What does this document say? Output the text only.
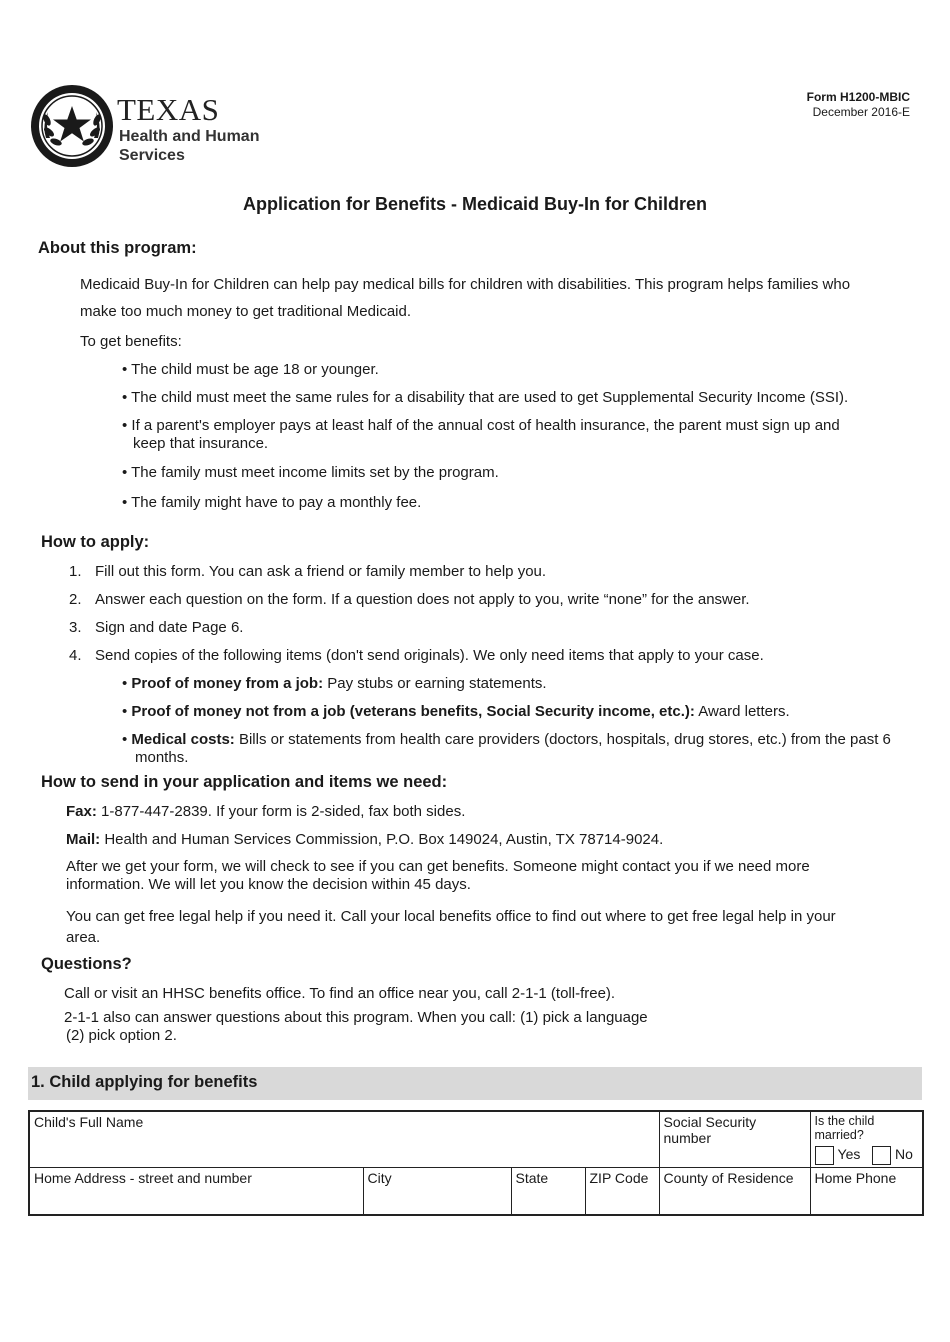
TEXAS
Health and Human
Services
Form H1200-MBIC
December 2016-E
Application for Benefits - Medicaid Buy-In for Children
About this program:
Medicaid Buy-In for Children can help pay medical bills for children with disabilities. This program helps families who
make too much money to get traditional Medicaid.
To get benefits:
• The child must be age 18 or younger.
• The child must meet the same rules for a disability that are used to get Supplemental Security Income (SSI).
• If a parent's employer pays at least half of the annual cost of health insurance, the parent must sign up and
keep that insurance.
• The family must meet income limits set by the program.
• The family might have to pay a monthly fee.
How to apply:
1. Fill out this form. You can ask a friend or family member to help you.
2. Answer each question on the form. If a question does not apply to you, write “none” for the answer.
3. Sign and date Page 6.
4. Send copies of the following items (don't send originals). We only need items that apply to your case.
• Proof of money from a job: Pay stubs or earning statements.
• Proof of money not from a job (veterans benefits, Social Security income, etc.): Award letters.
• Medical costs: Bills or statements from health care providers (doctors, hospitals, drug stores, etc.) from the past 6
months.
How to send in your application and items we need:
Fax: 1-877-447-2839. If your form is 2-sided, fax both sides.
Mail: Health and Human Services Commission, P.O. Box 149024, Austin, TX 78714-9024.
After we get your form, we will check to see if you can get benefits. Someone might contact you if we need more
information. We will let you know the decision within 45 days.
You can get free legal help if you need it. Call your local benefits office to find out where to get free legal help in your
area.
Questions?
Call or visit an HHSC benefits office. To find an office near you, call 2-1-1 (toll-free).
2-1-1 also can answer questions about this program. When you call: (1) pick a language
(2) pick option 2.
1. Child applying for benefits
Child's Full Name				Social Security number	Is the child married?
Yes No

Home Address - street and number	City	State	ZIP Code	County of Residence	Home Phone
